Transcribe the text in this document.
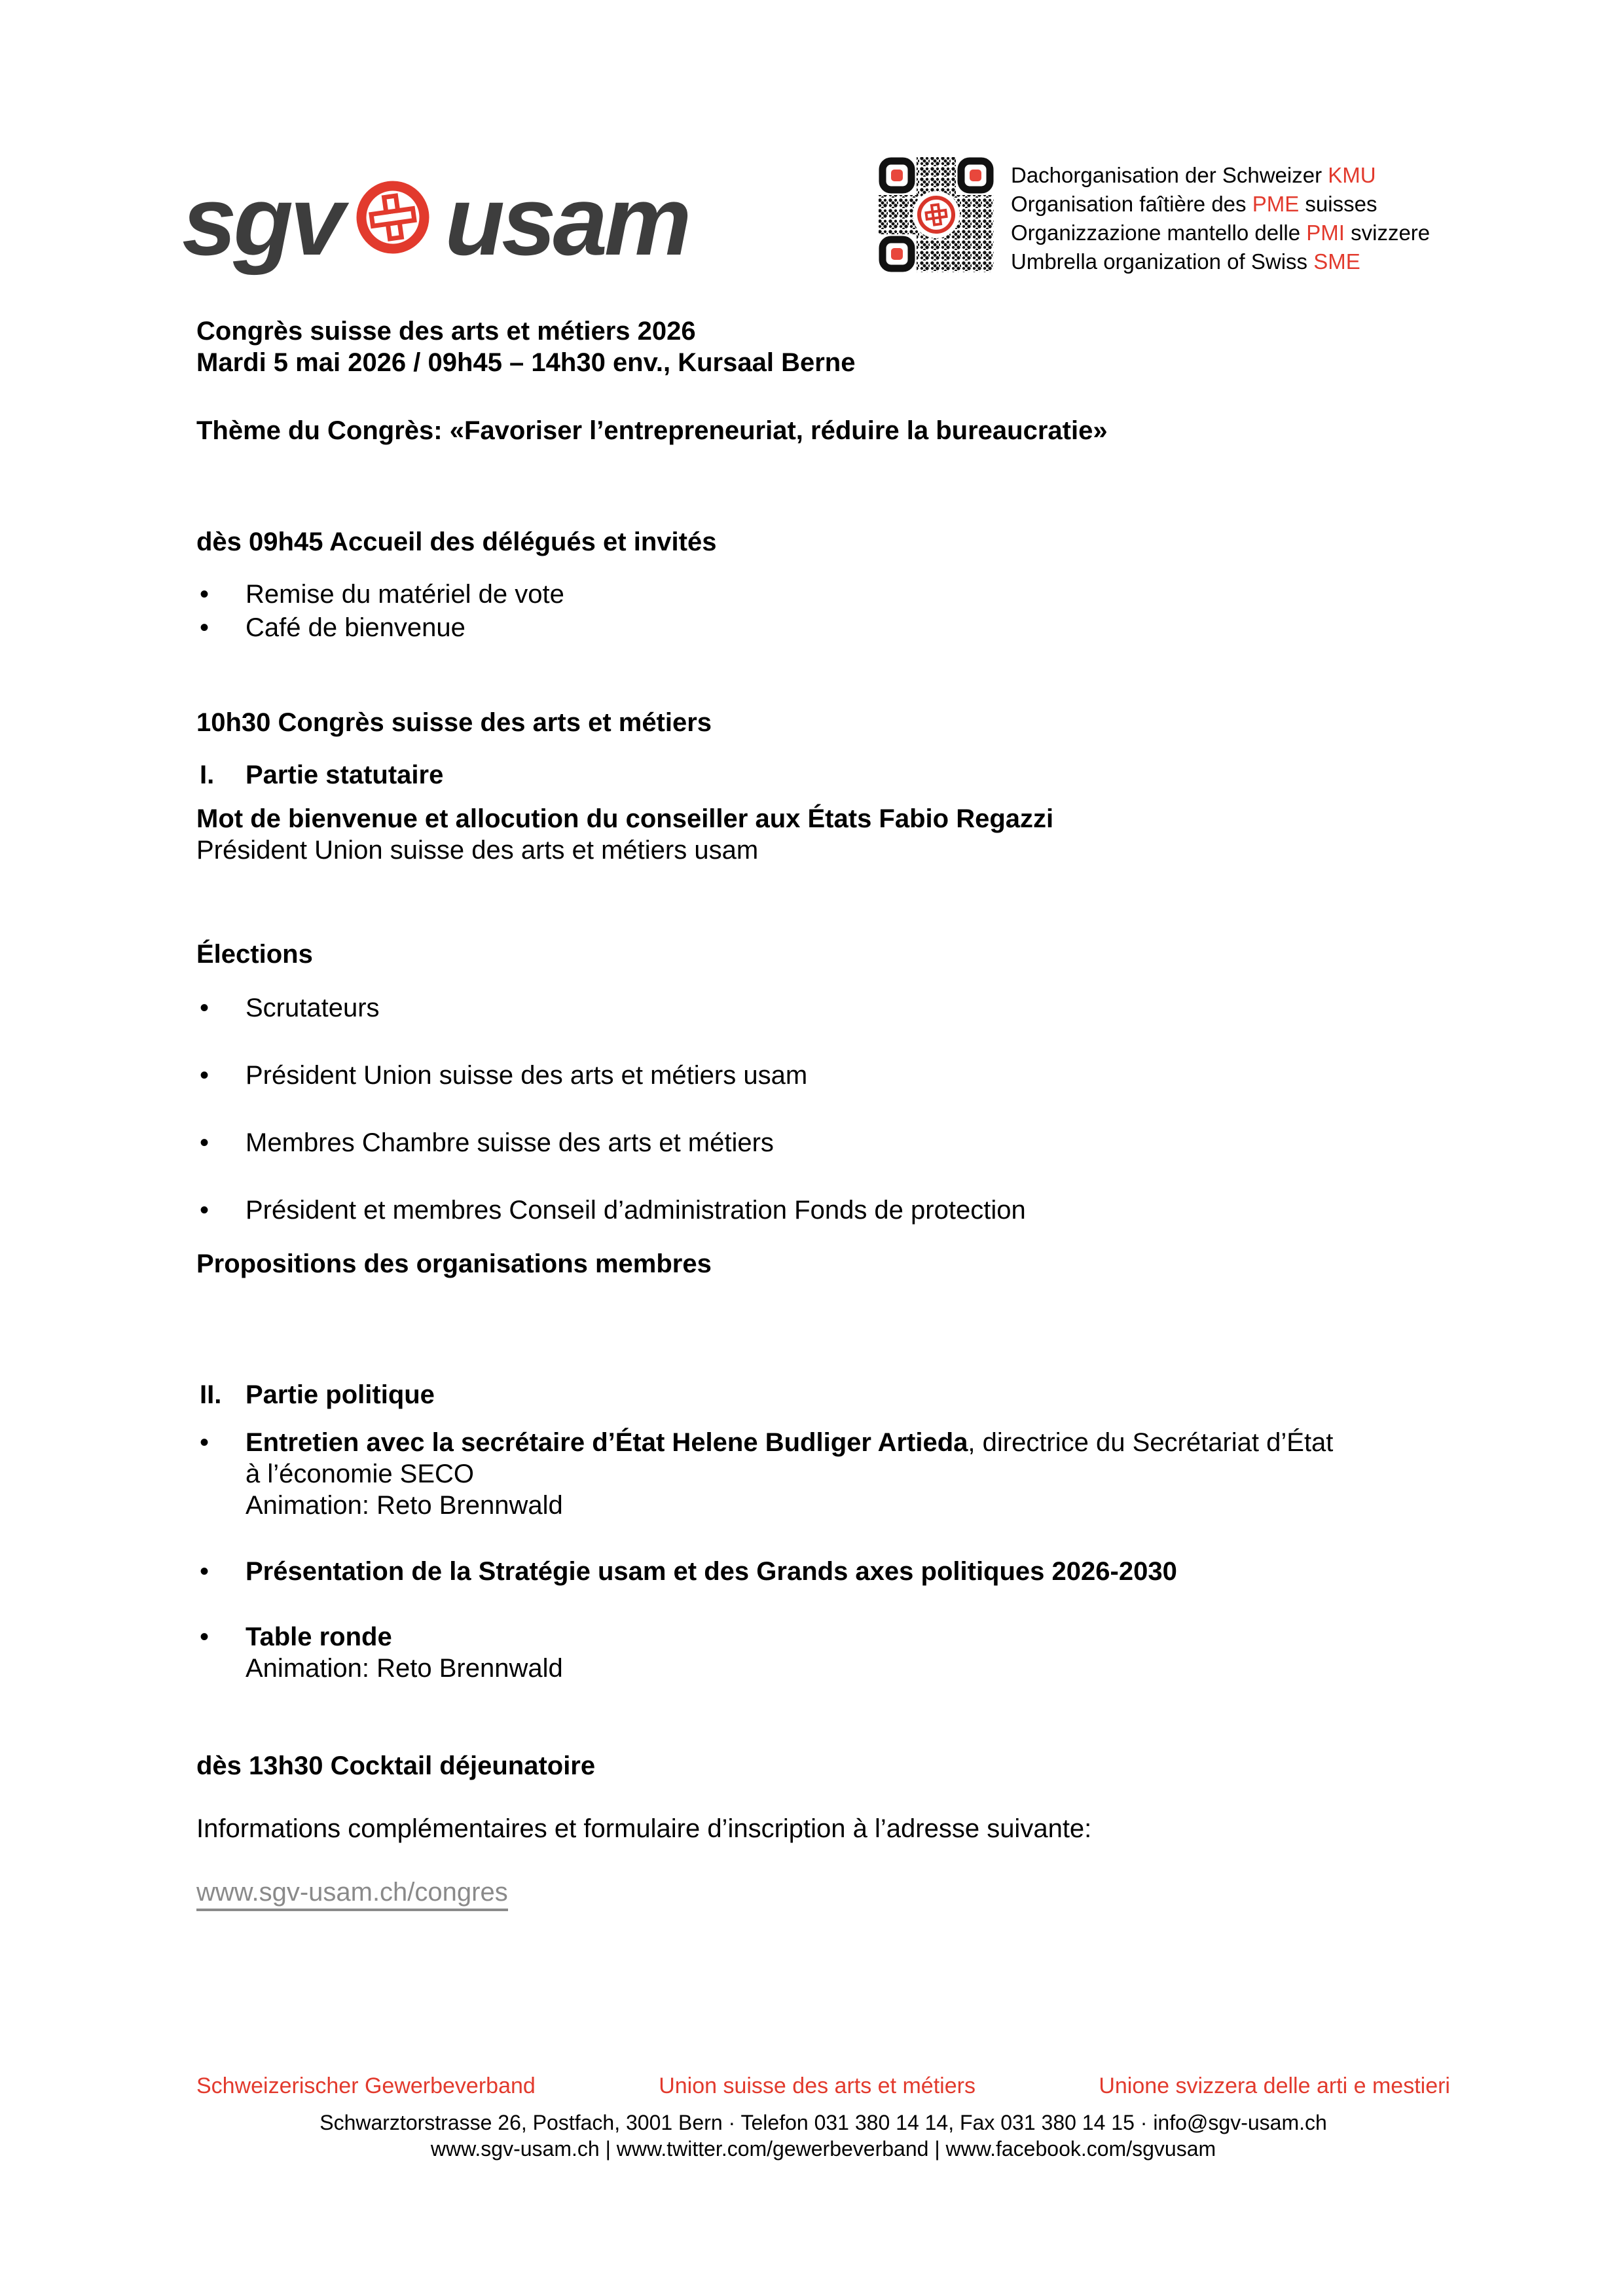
sgv usam	Dachorganisation der Schweizer KMU
Organisation faîtière des PME suisses
Organizzazione mantello delle PMI svizzere
Umbrella organization of Swiss SME
Congrès suisse des arts et métiers 2026
Mardi 5 mai 2026 / 09h45 – 14h30 env., Kursaal Berne
Thème du Congrès: «Favoriser l’entrepreneuriat, réduire la bureaucratie»
dès 09h45 Accueil des délégués et invités
•	Remise du matériel de vote
•	Café de bienvenue
10h30 Congrès suisse des arts et métiers
I.	Partie statutaire
Mot de bienvenue et allocution du conseiller aux États Fabio Regazzi
Président Union suisse des arts et métiers usam
Élections
•	Scrutateurs
•	Président Union suisse des arts et métiers usam
•	Membres Chambre suisse des arts et métiers
•	Président et membres Conseil d’administration Fonds de protection
Propositions des organisations membres
II. Partie politique
•	Entretien avec la secrétaire d’État Helene Budliger Artieda, directrice du Secrétariat d’État
à l’économie SECO
Animation: Reto Brennwald
•	Présentation de la Stratégie usam et des Grands axes politiques 2026-2030
•	Table ronde
Animation: Reto Brennwald
dès 13h30 Cocktail déjeunatoire
Informations complémentaires et formulaire d’inscription à l’adresse suivante:
www.sgv-usam.ch/congres
Schweizerischer Gewerbeverband	Union suisse des arts et métiers	Unione svizzera delle arti e mestieri
Schwarztorstrasse 26, Postfach, 3001 Bern · Telefon 031 380 14 14, Fax 031 380 14 15 · info@sgv-usam.ch
www.sgv-usam.ch | www.twitter.com/gewerbeverband | www.facebook.com/sgvusam
